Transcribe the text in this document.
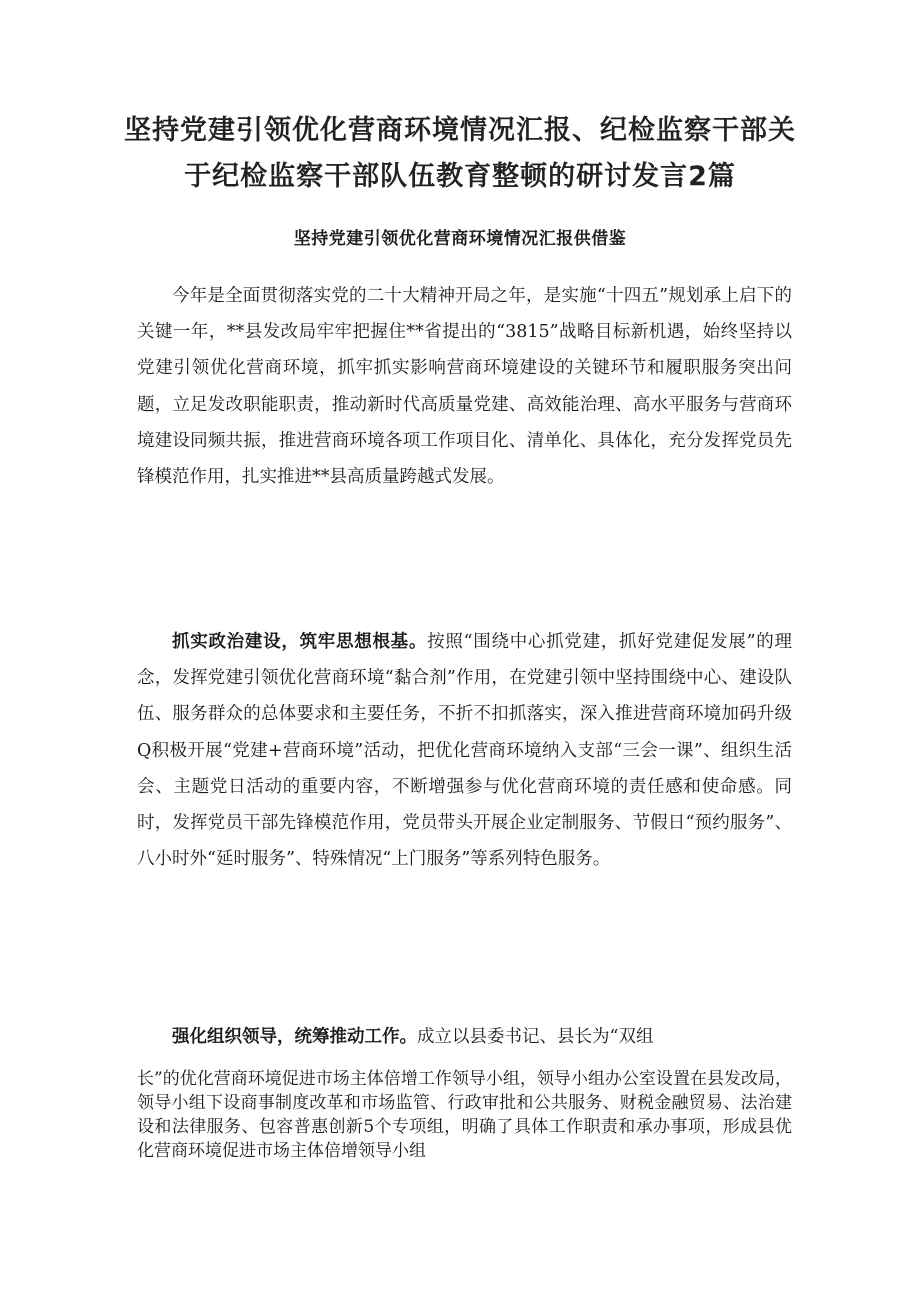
坚持党建引领优化营商环境情况汇报、纪检监察干部关于纪检监察干部队伍教育整顿的研讨发言2篇
坚持党建引领优化营商环境情况汇报供借鉴

今年是全面贯彻落实党的二十大精神开局之年，是实施“十四五”规划承上启下的关键一年，**县发改局牢牢把握住**省提出的“3815”战略目标新机遇，始终坚持以党建引领优化营商环境，抓牢抓实影响营商环境建设的关键环节和履职服务突出问题，立足发改职能职责，推动新时代高质量党建、高效能治理、高水平服务与营商环境建设同频共振，推进营商环境各项工作项目化、清单化、具体化，充分发挥党员先锋模范作用，扎实推进**县高质量跨越式发展。

抓实政治建设，筑牢思想根基。按照“围绕中心抓党建，抓好党建促发展”的理念，发挥党建引领优化营商环境“黏合剂”作用，在党建引领中坚持围绕中心、建设队伍、服务群众的总体要求和主要任务，不折不扣抓落实，深入推进营商环境加码升级Q积极开展“党建+营商环境”活动，把优化营商环境纳入支部“三会一课”、组织生活会、主题党日活动的重要内容，不断增强参与优化营商环境的责任感和使命感。同时，发挥党员干部先锋模范作用，党员带头开展企业定制服务、节假日“预约服务”、八小时外“延时服务”、特殊情况“上门服务”等系列特色服务。

强化组织领导，统筹推动工作。成立以县委书记、县长为“双组
长”的优化营商环境促进市场主体倍增工作领导小组，领导小组办公室设置在县发改局，领导小组下设商事制度改革和市场监管、行政审批和公共服务、财税金融贸易、法治建设和法律服务、包容普惠创新5个专项组，明确了具体工作职责和承办事项，形成县优化营商环境促进市场主体倍增领导小组
